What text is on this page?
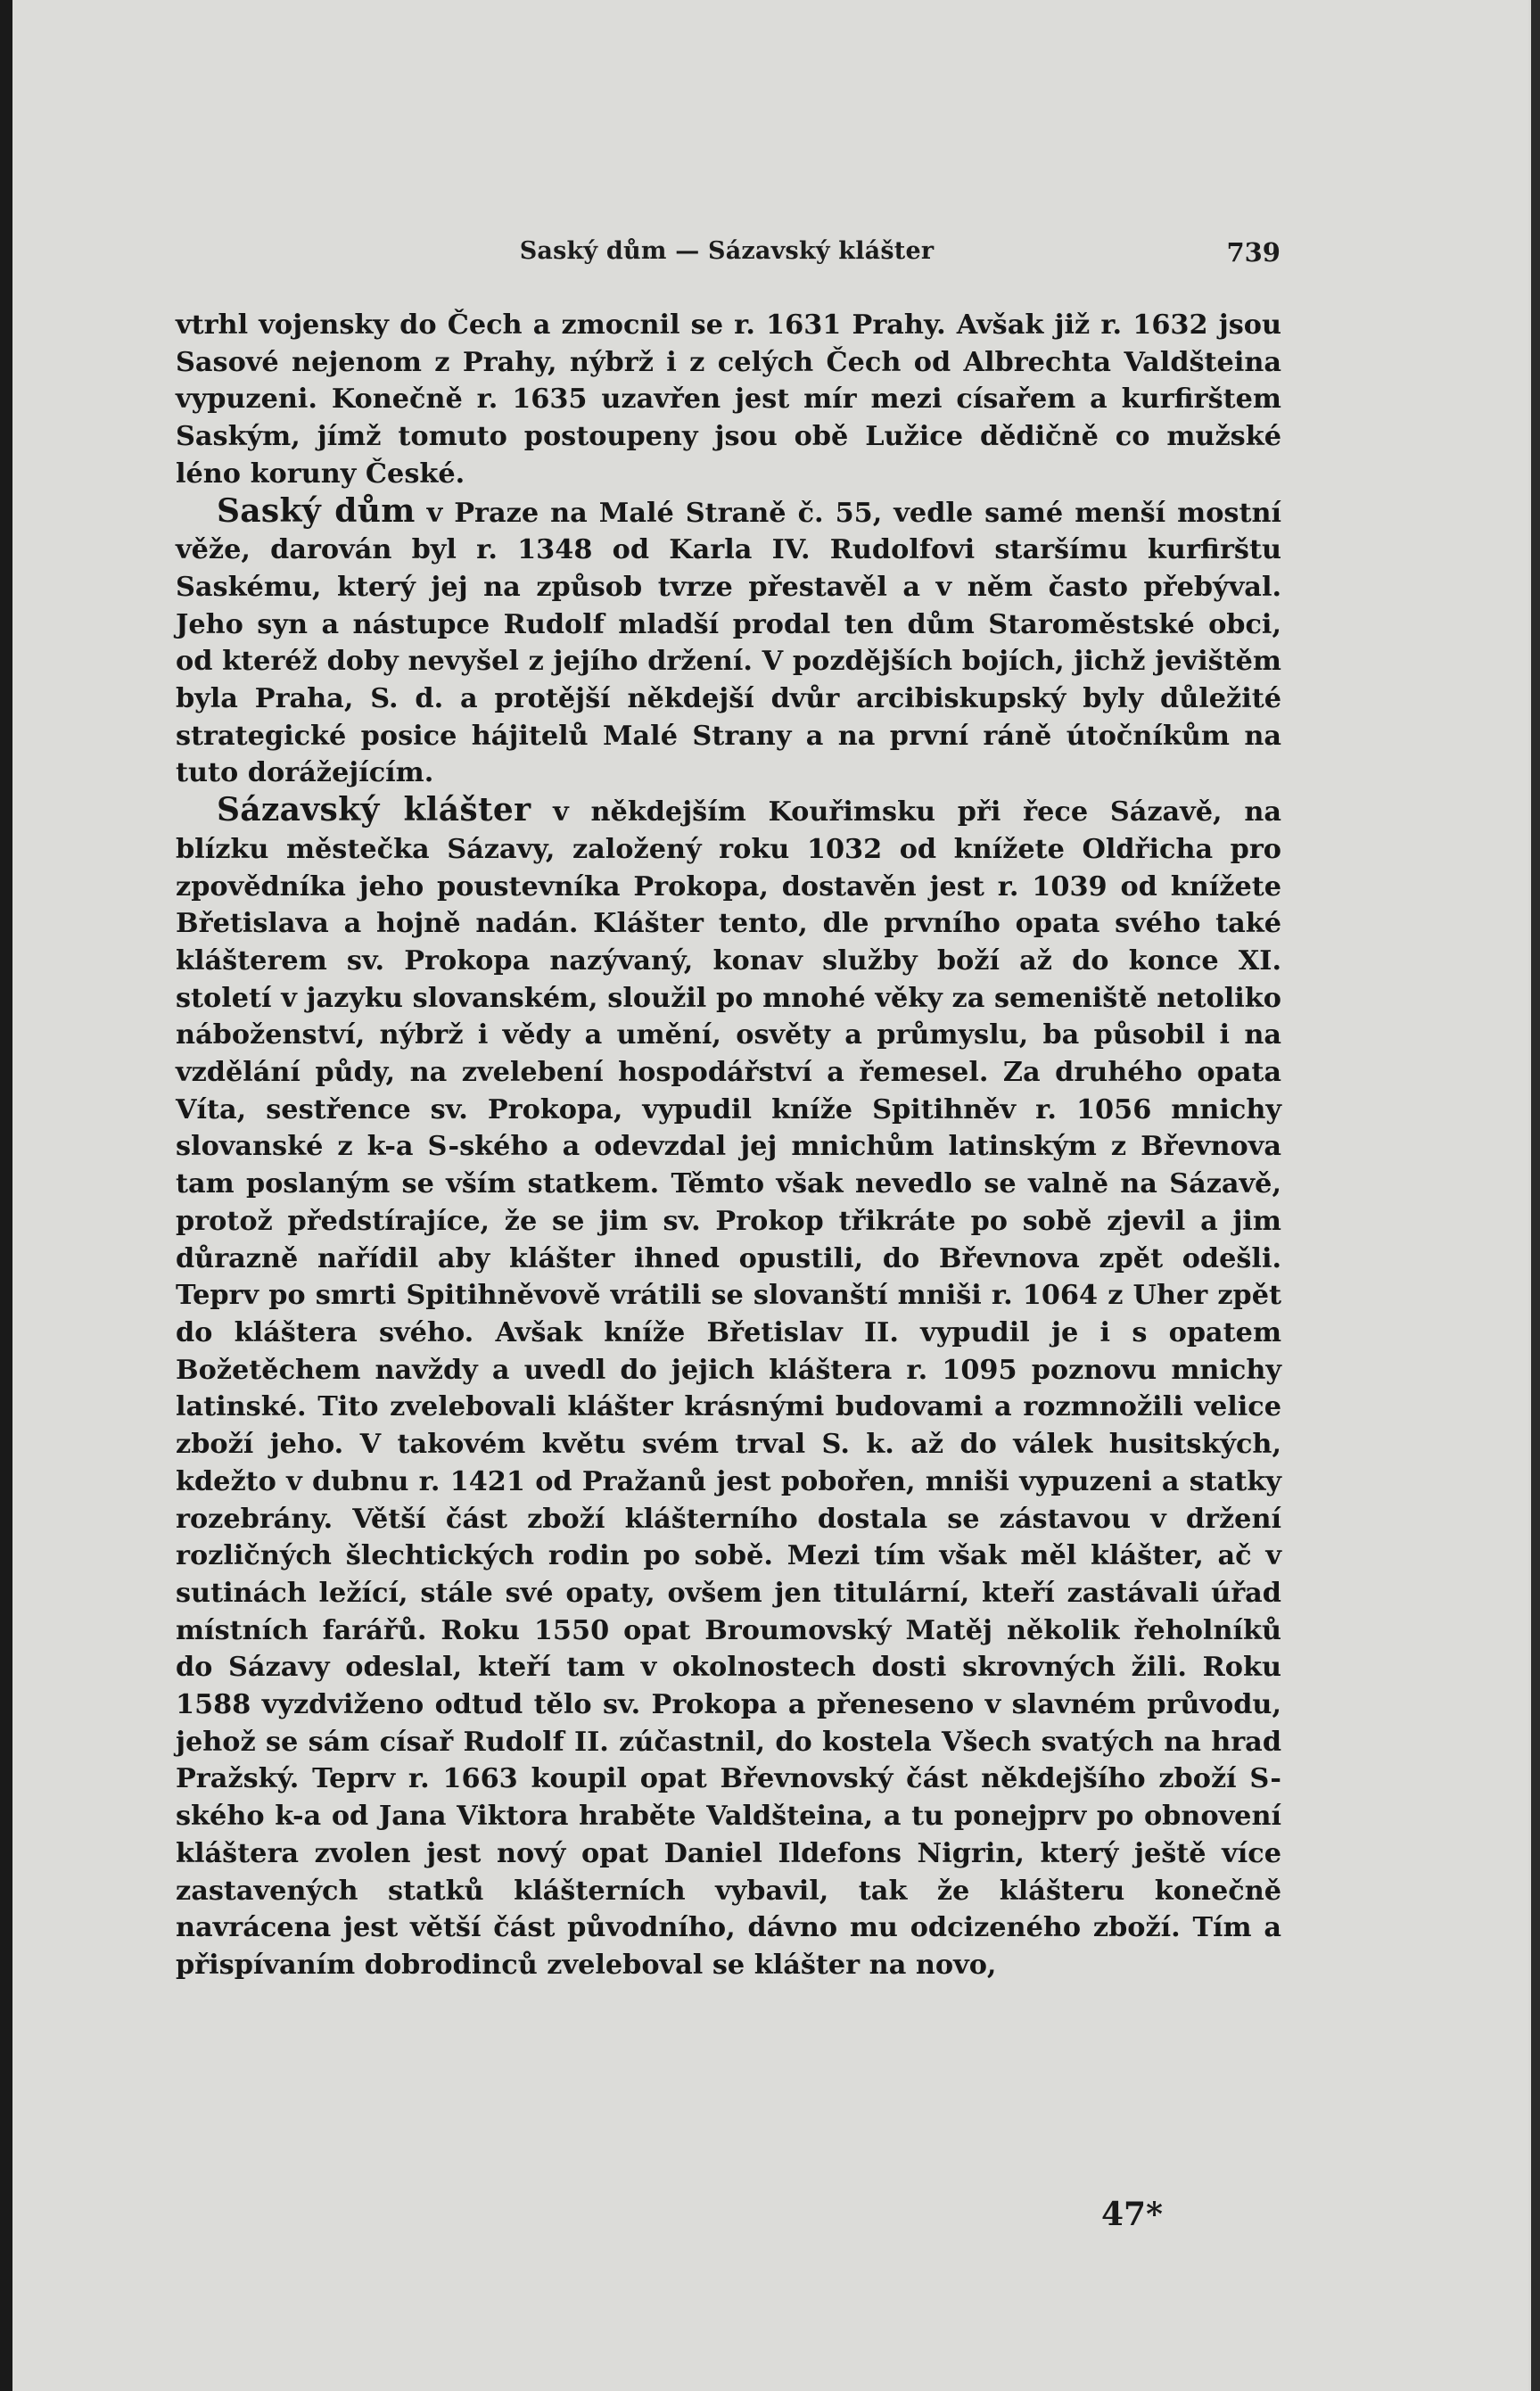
Saský dům — Sázavský klášter	739

vtrhl vojensky do Čech a zmocnil se r. 1631 Prahy. Avšak již r. 1632 jsou Sasové nejenom z Prahy, nýbrž i z celých Čech od Albrechta Valdšteina vypuzeni. Konečně r. 1635 uzavřen jest mír mezi císařem a kurfirštem Saským, jímž tomuto postoupeny jsou obě Lužice dědičně co mužské léno koruny České.

Saský dům v Praze na Malé Straně č. 55, vedle samé menší mostní věže, darován byl r. 1348 od Karla IV. Rudolfovi staršímu kurfirštu Saskému, který jej na způsob tvrze přestavěl a v něm často přebýval. Jeho syn a nástupce Rudolf mladší prodal ten dům Staroměstské obci, od kteréž doby nevyšel z jejího držení. V pozdějších bojích, jichž jevištěm byla Praha, S. d. a protější někdejší dvůr arcibiskupský byly důležité strategické posice hájitelů Malé Strany a na první ráně útočníkům na tuto dorážejícím.

Sázavský klášter v někdejším Kouřimsku při řece Sázavě, na blízku městečka Sázavy, založený roku 1032 od knížete Oldřicha pro zpovědníka jeho poustevníka Prokopa, dostavěn jest r. 1039 od knížete Břetislava a hojně nadán. Klášter tento, dle prvního opata svého také klášterem sv. Prokopa nazývaný, konav služby boží až do konce XI. století v jazyku slovanském, sloužil po mnohé věky za semeniště netoliko náboženství, nýbrž i vědy a umění, osvěty a průmyslu, ba působil i na vzdělání půdy, na zvelebení hospodářství a řemesel. Za druhého opata Víta, sestřence sv. Prokopa, vypudil kníže Spitihněv r. 1056 mnichy slovanské z k-a S-ského a odevzdal jej mnichům latinským z Břevnova tam poslaným se vším statkem. Těmto však nevedlo se valně na Sázavě, protož předstírajíce, že se jim sv. Prokop třikráte po sobě zjevil a jim důrazně nařídil aby klášter ihned opustili, do Břevnova zpět odešli. Teprv po smrti Spitihněvově vrátili se slovanští mniši r. 1064 z Uher zpět do kláštera svého. Avšak kníže Břetislav II. vypudil je i s opatem Božetěchem navždy a uvedl do jejich kláštera r. 1095 poznovu mnichy latinské. Tito zvelebovali klášter krásnými budovami a rozmnožili velice zboží jeho. V takovém květu svém trval S. k. až do válek husitských, kdežto v dubnu r. 1421 od Pražanů jest pobořen, mniši vypuzeni a statky rozebrány. Větší část zboží klášterního dostala se zástavou v držení rozličných šlechtických rodin po sobě. Mezi tím však měl klášter, ač v sutinách ležící, stále své opaty, ovšem jen titulární, kteří zastávali úřad místních farářů. Roku 1550 opat Broumovský Matěj několik řeholníků do Sázavy odeslal, kteří tam v okolnostech dosti skrovných žili. Roku 1588 vyzdviženo odtud tělo sv. Prokopa a přeneseno v slavném průvodu, jehož se sám císař Rudolf II. zúčastnil, do kostela Všech svatých na hrad Pražský. Teprv r. 1663 koupil opat Břevnovský část někdejšího zboží S-ského k-a od Jana Viktora hraběte Valdšteina, a tu ponejprv po obnovení kláštera zvolen jest nový opat Daniel Ildefons Nigrin, který ještě více zastavených statků klášterních vybavil, tak že klášteru konečně navrácena jest větší část původního, dávno mu odcizeného zboží. Tím a přispívaním dobrodinců zveleboval se klášter na novo,

47*
